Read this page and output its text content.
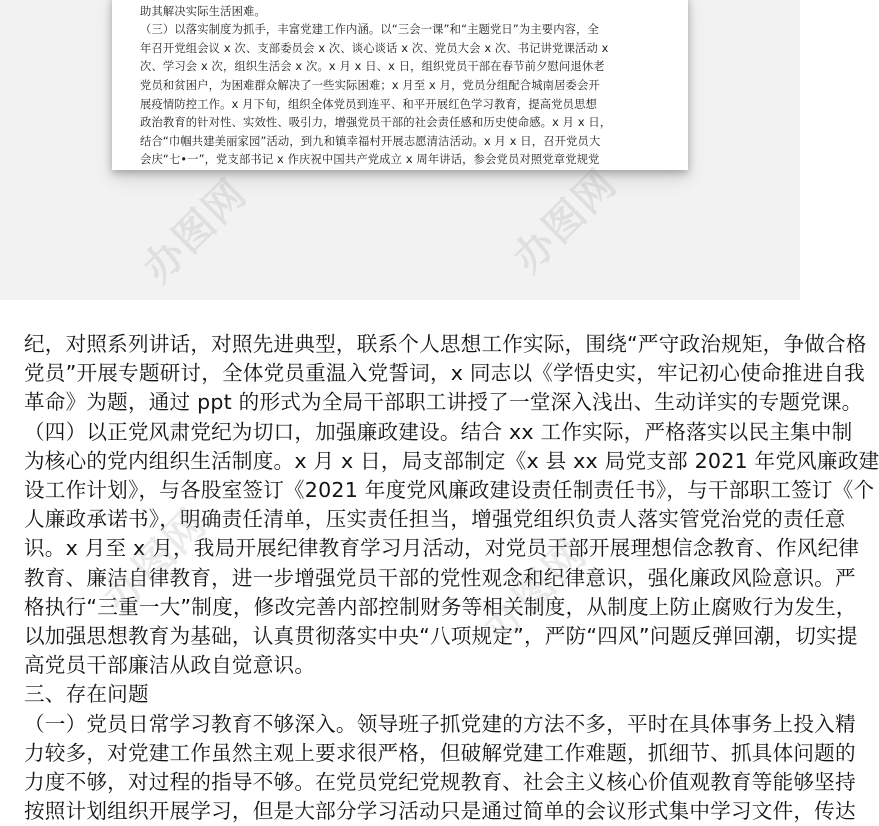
助其解决实际生活困难。
（三）以落实制度为抓手，丰富党建工作内涵。以“三会一课”和“主题党日”为主要内容，全
年召开党组会议 x 次、支部委员会 x 次、谈心谈话 x 次、党员大会 x 次、书记讲党课活动 x
次、学习会 x 次，组织生活会 x 次。x 月 x 日、x 日，组织党员干部在春节前夕慰问退休老
党员和贫困户，为困难群众解决了一些实际困难；x 月至 x 月，党员分组配合城南居委会开
展疫情防控工作。x 月下旬，组织全体党员到连平、和平开展红色学习教育，提高党员思想
政治教育的针对性、实效性、吸引力，增强党员干部的社会责任感和历史使命感。x 月 x 日，
结合“巾帼共建美丽家园”活动，到九和镇幸福村开展志愿清洁活动。x 月 x 日，召开党员大
会庆“七•一”，党支部书记 x 作庆祝中国共产党成立 x 周年讲话，参会党员对照党章党规党
办图网	办图网
纪，对照系列讲话，对照先进典型，联系个人思想工作实际，围绕“严守政治规矩，争做合格
党员”开展专题研讨，全体党员重温入党誓词，x 同志以《学悟史实，牢记初心使命推进自我
革命》为题，通过 ppt 的形式为全局干部职工讲授了一堂深入浅出、生动详实的专题党课。
（四）以正党风肃党纪为切口，加强廉政建设。结合 xx 工作实际，严格落实以民主集中制
为核心的党内组织生活制度。x 月 x 日，局支部制定《x 县 xx 局党支部 2021 年党风廉政建
设工作计划》，与各股室签订《2021 年度党风廉政建设责任制责任书》，与干部职工签订《个
人廉政承诺书》，明确责任清单，压实责任担当，增强党组织负责人落实管党治党的责任意
识。x 月至 x 月，我局开展纪律教育学习月活动，对党员干部开展理想信念教育、作风纪律
教育、廉洁自律教育，进一步增强党员干部的党性观念和纪律意识，强化廉政风险意识。严
格执行“三重一大”制度，修改完善内部控制财务等相关制度，从制度上防止腐败行为发生，
以加强思想教育为基础，认真贯彻落实中央“八项规定”，严防“四风”问题反弹回潮，切实提
高党员干部廉洁从政自觉意识。
三、存在问题
（一）党员日常学习教育不够深入。领导班子抓党建的方法不多，平时在具体事务上投入精
力较多，对党建工作虽然主观上要求很严格，但破解党建工作难题，抓细节、抓具体问题的
力度不够，对过程的指导不够。在党员党纪党规教育、社会主义核心价值观教育等能够坚持
按照计划组织开展学习，但是大部分学习活动只是通过简单的会议形式集中学习文件，传达
办图网	办图网
